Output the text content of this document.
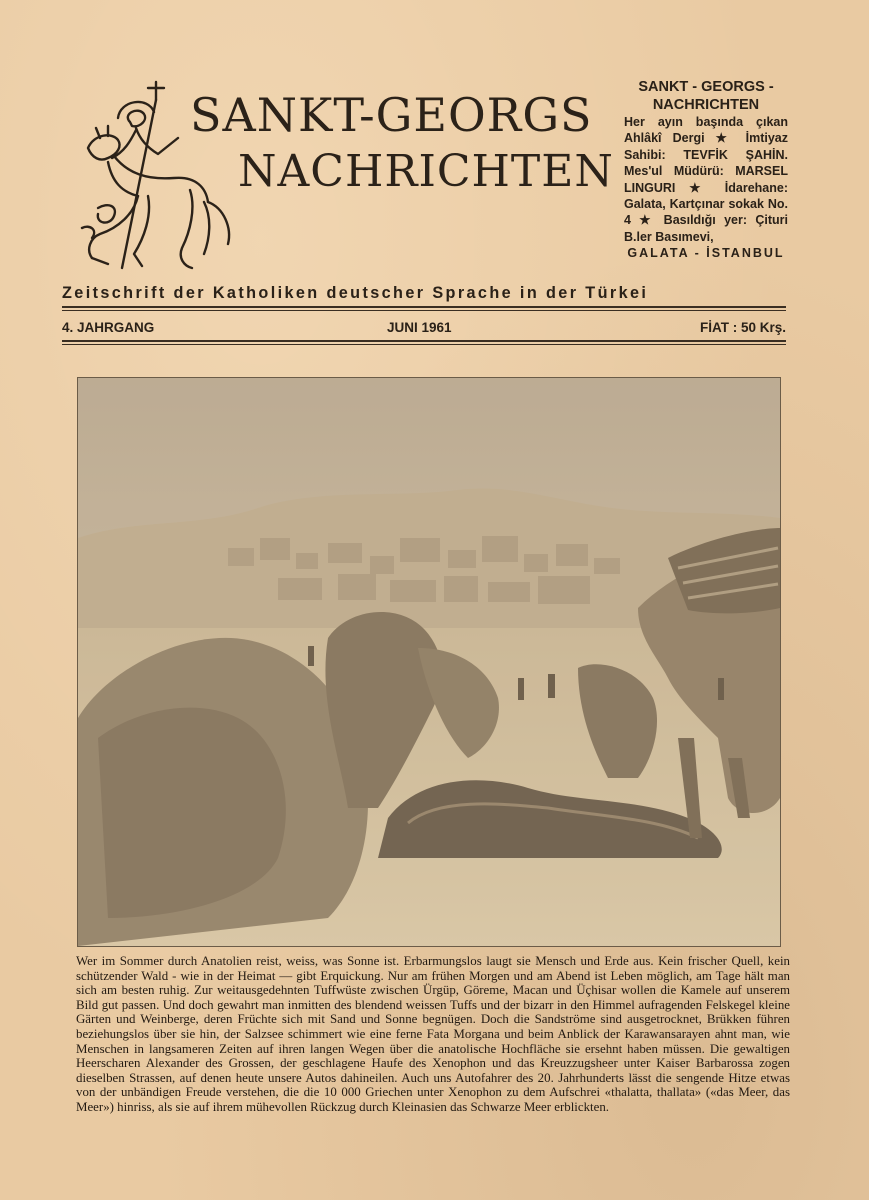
SANKT-GEORGS
NACHRICHTEN
SANKT - GEORGS - NACHRICHTEN
Her ayın başında çıkan Ahlâkî Dergi ★ İmtiyaz Sahibi: TEVFİK ŞAHİN. Mes'ul Müdürü: MARSEL LINGURI ★ İdarehane: Galata, Kartçınar sokak No. 4 ★ Basıldığı yer: Çituri B.ler Basımevi,
GALATA - İSTANBUL
Zeitschrift der Katholiken deutscher Sprache in der Türkei
4. JAHRGANG	JUNI 1961	FİAT : 50 Krş.
Wer im Sommer durch Anatolien reist, weiss, was Sonne ist. Erbarmungslos laugt sie Mensch und Erde aus. Kein frischer Quell, kein schützender Wald - wie in der Heimat — gibt Erquickung. Nur am frühen Morgen und am Abend ist Leben möglich, am Tage hält man sich am besten ruhig. Zur weitausgedehnten Tuffwüste zwischen Ürgüp, Göreme, Macan und Üçhisar wollen die Kamele auf unserem Bild gut passen. Und doch gewahrt man inmitten des blendend weissen Tuffs und der bizarr in den Himmel aufragenden Felskegel kleine Gärten und Weinberge, deren Früchte sich mit Sand und Sonne begnügen. Doch die Sandströme sind ausgetrocknet, Brükken führen beziehungslos über sie hin, der Salzsee schimmert wie eine ferne Fata Morgana und beim Anblick der Karawansarayen ahnt man, wie Menschen in langsameren Zeiten auf ihren langen Wegen über die anatolische Hochfläche sie ersehnt haben müssen. Die gewaltigen Heerscharen Alexander des Grossen, der geschlagene Haufe des Xenophon und das Kreuzzugsheer unter Kaiser Barbarossa zogen dieselben Strassen, auf denen heute unsere Autos dahineilen. Auch uns Autofahrer des 20. Jahrhunderts lässt die sengende Hitze etwas von der unbändigen Freude verstehen, die die 10 000 Griechen unter Xenophon zu dem Aufschrei «thalatta, thallata» («das Meer, das Meer») hinriss, als sie auf ihrem mühevollen Rückzug durch Kleinasien das Schwarze Meer erblickten.
